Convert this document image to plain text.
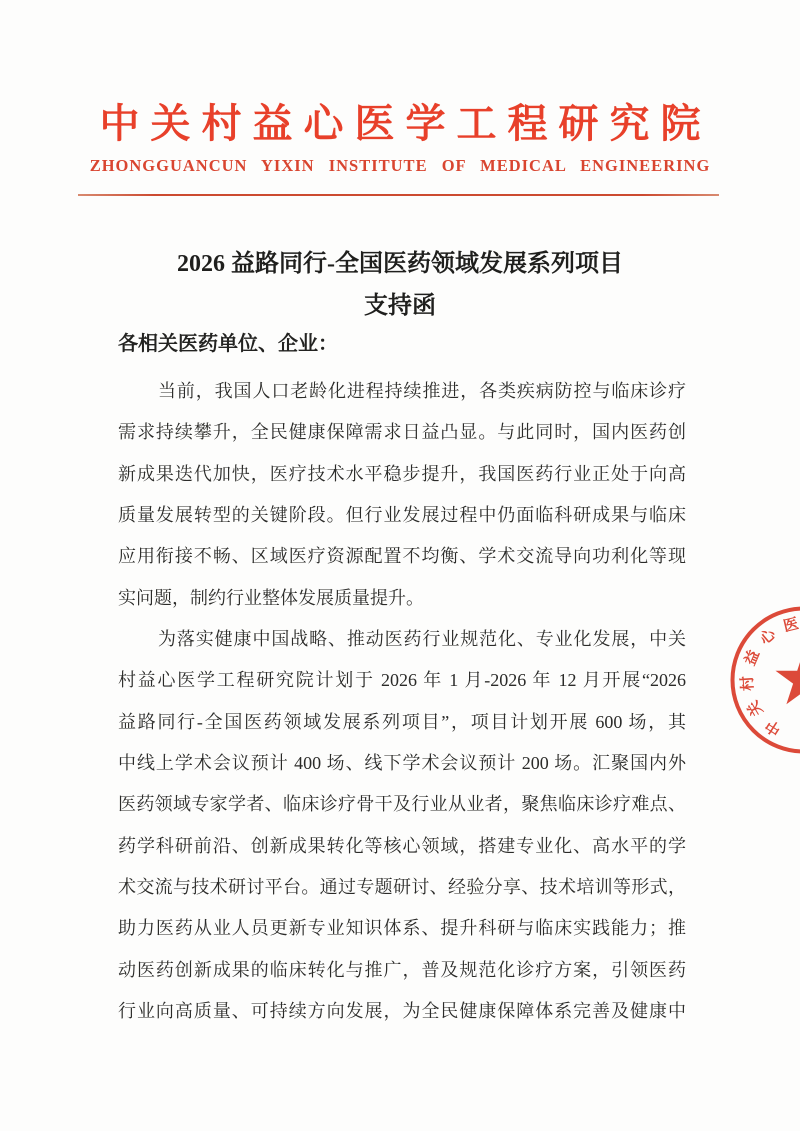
中关村益心医学工程研究院
ZHONGGUANCUN YIXIN INSTITUTE OF MEDICAL ENGINEERING
2026 益路同行-全国医药领域发展系列项目
支持函
各相关医药单位、企业：
当前，我国人口老龄化进程持续推进，各类疾病防控与临床诊疗
需求持续攀升，全民健康保障需求日益凸显。与此同时，国内医药创
新成果迭代加快，医疗技术水平稳步提升，我国医药行业正处于向高
质量发展转型的关键阶段。但行业发展过程中仍面临科研成果与临床
应用衔接不畅、区域医疗资源配置不均衡、学术交流导向功利化等现
实问题，制约行业整体发展质量提升。
为落实健康中国战略、推动医药行业规范化、专业化发展，中关
村益心医学工程研究院计划于 2026 年 1 月-2026 年 12 月开展“2026
益路同行-全国医药领域发展系列项目”，项目计划开展 600 场，其
中线上学术会议预计 400 场、线下学术会议预计 200 场。汇聚国内外
医药领域专家学者、临床诊疗骨干及行业从业者，聚焦临床诊疗难点、
药学科研前沿、创新成果转化等核心领域，搭建专业化、高水平的学
术交流与技术研讨平台。通过专题研讨、经验分享、技术培训等形式，
助力医药从业人员更新专业知识体系、提升科研与临床实践能力；推
动医药创新成果的临床转化与推广，普及规范化诊疗方案，引领医药
行业向高质量、可持续方向发展，为全民健康保障体系完善及健康中
中
关
村
益
心
医
